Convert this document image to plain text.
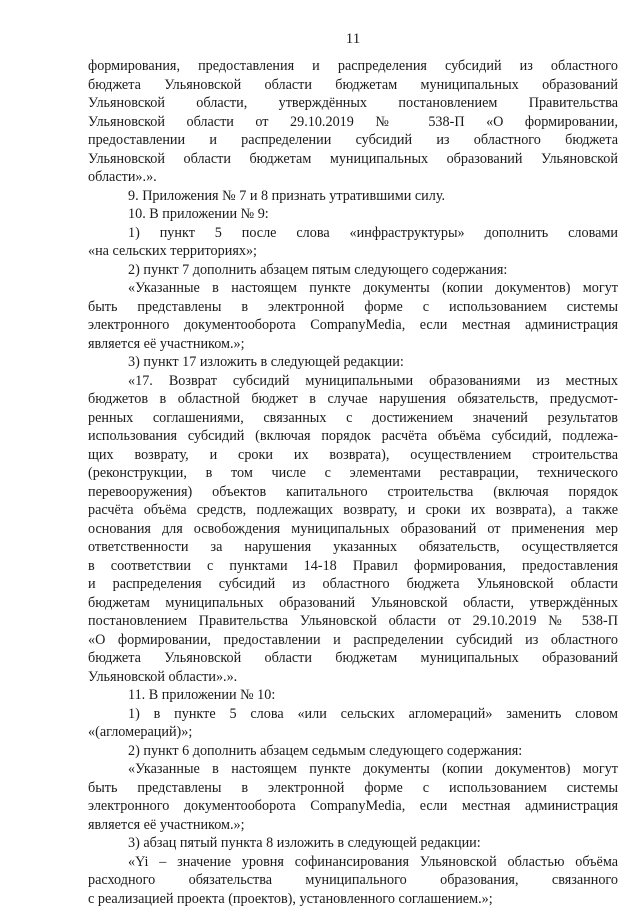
11

формирования, предоставления и распределения субсидий из областного
бюджета Ульяновской области бюджетам муниципальных образований
Ульяновской области, утверждённых постановлением Правительства
Ульяновской области от 29.10.2019 № 538-П «О формировании,
предоставлении и распределении субсидий из областного бюджета
Ульяновской области бюджетам муниципальных образований Ульяновской
области».».

9. Приложения № 7 и 8 признать утратившими силу.

10. В приложении № 9:

1) пункт 5 после слова «инфраструктуры» дополнить словами
«на сельских территориях»;

2) пункт 7 дополнить абзацем пятым следующего содержания:

«Указанные в настоящем пункте документы (копии документов) могут
быть представлены в электронной форме с использованием системы
электронного документооборота CompanyMedia, если местная администрация
является её участником.»;

3) пункт 17 изложить в следующей редакции:

«17. Возврат субсидий муниципальными образованиями из местных
бюджетов в областной бюджет в случае нарушения обязательств, предусмот-
ренных соглашениями, связанных с достижением значений результатов
использования субсидий (включая порядок расчёта объёма субсидий, подлежа-
щих возврату, и сроки их возврата), осуществлением строительства
(реконструкции, в том числе с элементами реставрации, технического
перевооружения) объектов капитального строительства (включая порядок
расчёта объёма средств, подлежащих возврату, и сроки их возврата), а также
основания для освобождения муниципальных образований от применения мер
ответственности за нарушения указанных обязательств, осуществляется
в соответствии с пунктами 14-18 Правил формирования, предоставления
и распределения субсидий из областного бюджета Ульяновской области
бюджетам муниципальных образований Ульяновской области, утверждённых
постановлением Правительства Ульяновской области от 29.10.2019 № 538-П
«О формировании, предоставлении и распределении субсидий из областного
бюджета Ульяновской области бюджетам муниципальных образований
Ульяновской области».».

11. В приложении № 10:

1) в пункте 5 слова «или сельских агломераций» заменить словом
«(агломераций)»;

2) пункт 6 дополнить абзацем седьмым следующего содержания:

«Указанные в настоящем пункте документы (копии документов) могут
быть представлены в электронной форме с использованием системы
электронного документооборота CompanyMedia, если местная администрация
является её участником.»;

3) абзац пятый пункта 8 изложить в следующей редакции:

«Yi – значение уровня софинансирования Ульяновской областью объёма
расходного обязательства муниципального образования, связанного
с реализацией проекта (проектов), установленного соглашением.»;
